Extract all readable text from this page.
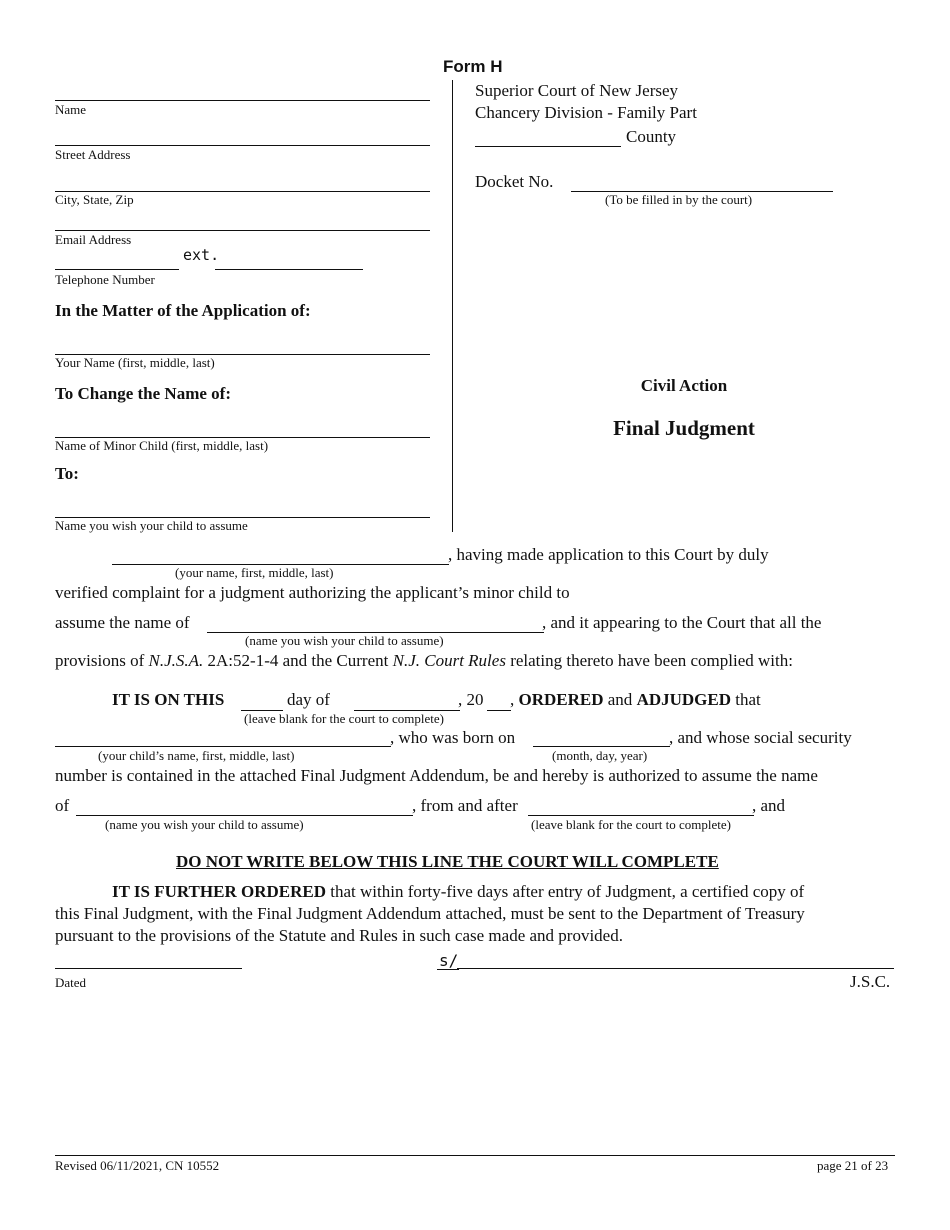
Form H
Name
Street Address
City, State, Zip
Email Address
ext.
Telephone Number
In the Matter of the Application of:
Your Name (first, middle, last)
To Change the Name of:
Name of Minor Child (first, middle, last)
To:
Name you wish your child to assume
Superior Court of New Jersey
Chancery Division - Family Part
County
Docket No.
(To be filled in by the court)
Civil Action
Final Judgment
, having made application to this Court by duly
(your name, first, middle, last)
verified complaint for a judgment authorizing the applicant’s minor child to
assume the name of	, and it appearing to the Court that all the
(name you wish your child to assume)
provisions of N.J.S.A. 2A:52-1-4 and the Current N.J. Court Rules relating thereto have been complied with:
IT IS ON THIS	day of	, 20 , ORDERED and ADJUDGED that
(leave blank for the court to complete)
, who was born on	, and whose social security
(your child’s name, first, middle, last)	(month, day, year)
number is contained in the attached Final Judgment Addendum, be and hereby is authorized to assume the name
of	, from and after	, and
(name you wish your child to assume)	(leave blank for the court to complete)
DO NOT WRITE BELOW THIS LINE THE COURT WILL COMPLETE
IT IS FURTHER ORDERED that within forty-five days after entry of Judgment, a certified copy of
this Final Judgment, with the Final Judgment Addendum attached, must be sent to the Department of Treasury
pursuant to the provisions of the Statute and Rules in such case made and provided.
Dated
s/
J.S.C.
Revised 06/11/2021, CN 10552	page 21 of 23
